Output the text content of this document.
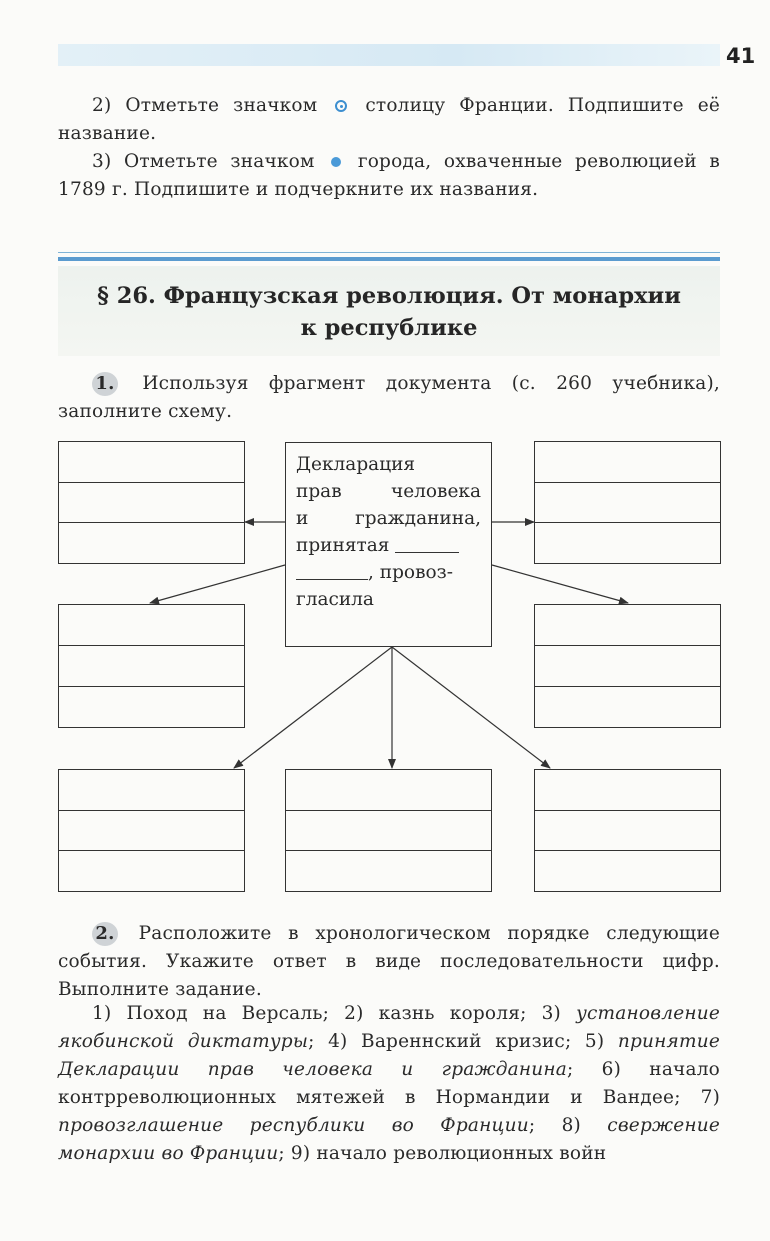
41
2) Отметьте значком	столицу Франции. Подпишите её название.
3) Отметьте значком города, охваченные революцией в 1789 г. Подпишите и подчеркните их названия.
§ 26. Французская революция. От монархии
к республике
1. Используя фрагмент документа (с. 260 учебника), заполните схему.
Декларация
прав	человека
и	гражданина,
принятая
, провоз-
гласила
2. Расположите в хронологическом порядке следующие события. Укажите ответ в виде последовательности цифр. Выполните задание.
1) Поход на Версаль; 2) казнь короля; 3) установление якобинской диктатуры; 4) Вареннский кризис; 5) принятие Декларации прав человека и гражданина; 6) начало контрреволюционных мятежей в Нормандии и Вандее; 7) провозглашение республики во Франции; 8) свержение монархии во Франции; 9) начало революционных войн
